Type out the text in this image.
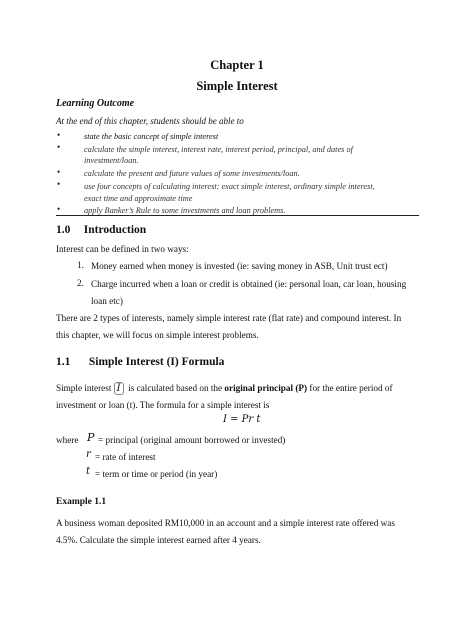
Chapter 1
Simple Interest
Learning Outcome
At the end of this chapter, students should be able to
•	state the basic concept of simple interest
•	calculate the simple interest, interest rate, interest period, principal, and dates of
investment/loan.
•	calculate the present and future values of some investments/loan.
•	use four concepts of calculating interest: exact simple interest, ordinary simple interest,
exact time and approximate time
•	apply Banker’s Rule to some investments and loan problems.
1.0 Introduction
Interest can be defined in two ways:
1. Money earned when money is invested (ie: saving money in ASB, Unit trust ect)
2. Charge incurred when a loan or credit is obtained (ie: personal loan, car loan, housing
loan etc)
There are 2 types of interests, namely simple interest rate (flat rate) and compound interest. In
this chapter, we will focus on simple interest problems.
1.1 Simple Interest (I) Formula
Simple interest I is calculated based on the original principal (P) for the entire period of
investment or loan (t). The formula for a simple interest is
I = Pr t
where P = principal (original amount borrowed or invested)
r = rate of interest
t = term or time or period (in year)
Example 1.1
A business woman deposited RM10,000 in an account and a simple interest rate offered was
4.5%. Calculate the simple interest earned after 4 years.
